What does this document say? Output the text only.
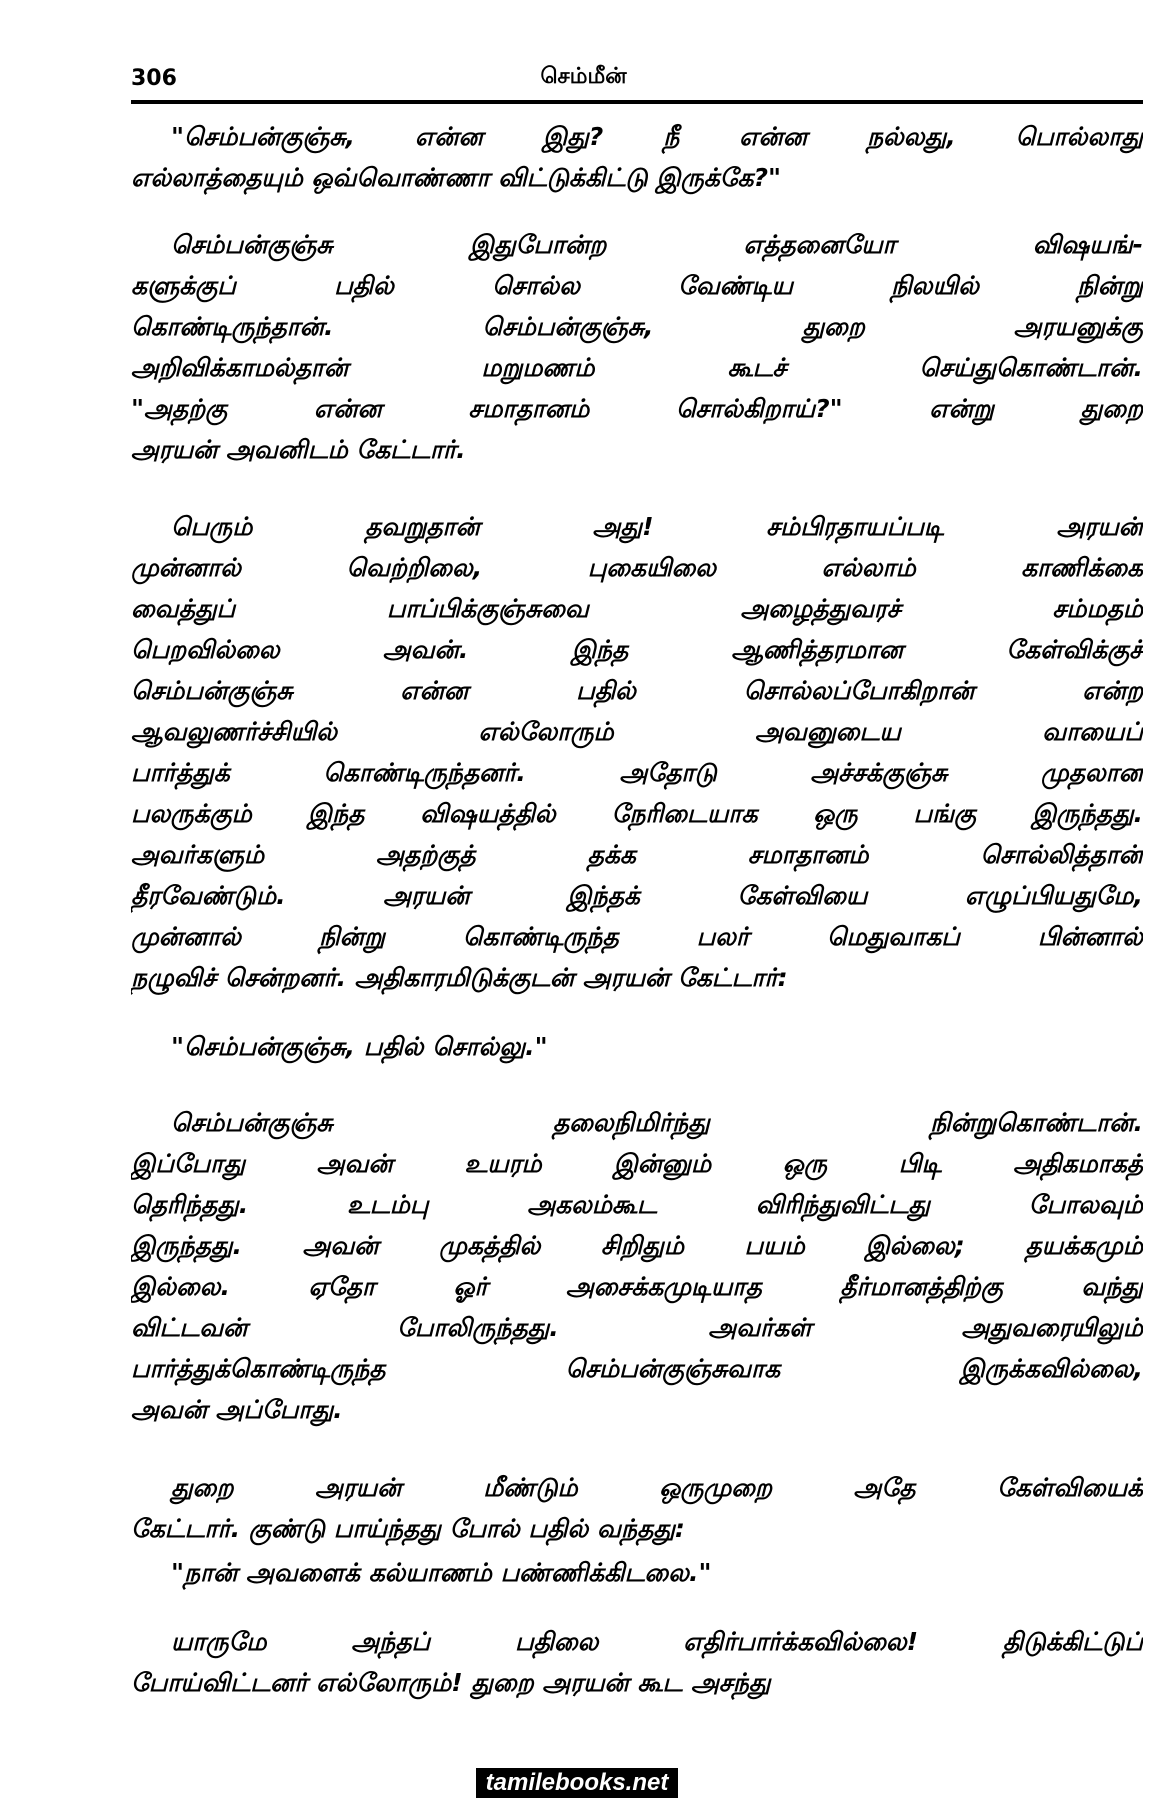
306	செம்மீன்
"செம்பன்குஞ்சு, என்ன இது? நீ என்ன நல்லது, பொல்லாது
எல்லாத்தையும் ஒவ்வொண்ணா விட்டுக்கிட்டு இருக்கே?"
செம்பன்குஞ்சு இதுபோன்ற எத்தனையோ விஷயங்-
களுக்குப் பதில் சொல்ல வேண்டிய நிலயில் நின்று
கொண்டிருந்தான். செம்பன்குஞ்சு, துறை அரயனுக்கு
அறிவிக்காமல்தான் மறுமணம் கூடச் செய்துகொண்டான்.
"அதற்கு என்ன சமாதானம் சொல்கிறாய்?" என்று துறை
அரயன் அவனிடம் கேட்டார்.
பெரும் தவறுதான் அது! சம்பிரதாயப்படி அரயன்
முன்னால் வெற்றிலை, புகையிலை எல்லாம் காணிக்கை
வைத்துப் பாப்பிக்குஞ்சுவை அழைத்துவரச் சம்மதம்
பெறவில்லை அவன். இந்த ஆணித்தரமான கேள்விக்குச்
செம்பன்குஞ்சு என்ன பதில் சொல்லப்போகிறான் என்ற
ஆவலுணர்ச்சியில் எல்லோரும் அவனுடைய வாயைப்
பார்த்துக் கொண்டிருந்தனர். அதோடு அச்சக்குஞ்சு முதலான
பலருக்கும் இந்த விஷயத்தில் நேரிடையாக ஒரு பங்கு இருந்தது.
அவர்களும் அதற்குத் தக்க சமாதானம் சொல்லித்தான்
தீரவேண்டும். அரயன் இந்தக் கேள்வியை எழுப்பியதுமே,
முன்னால் நின்று கொண்டிருந்த பலர் மெதுவாகப் பின்னால்
நழுவிச் சென்றனர். அதிகாரமிடுக்குடன் அரயன் கேட்டார்:
"செம்பன்குஞ்சு, பதில் சொல்லு."
செம்பன்குஞ்சு தலைநிமிர்ந்து நின்றுகொண்டான்.
இப்போது அவன் உயரம் இன்னும் ஒரு பிடி அதிகமாகத்
தெரிந்தது. உடம்பு அகலம்கூட விரிந்துவிட்டது போலவும்
இருந்தது. அவன் முகத்தில் சிறிதும் பயம் இல்லை; தயக்கமும்
இல்லை. ஏதோ ஓர் அசைக்கமுடியாத தீர்மானத்திற்கு வந்து
விட்டவன் போலிருந்தது. அவர்கள் அதுவரையிலும்
பார்த்துக்கொண்டிருந்த செம்பன்குஞ்சுவாக இருக்கவில்லை,
அவன் அப்போது.
துறை அரயன் மீண்டும் ஒருமுறை அதே கேள்வியைக்
கேட்டார். குண்டு பாய்ந்தது போல் பதில் வந்தது:
"நான் அவளைக் கல்யாணம் பண்ணிக்கிடலை."
யாருமே அந்தப் பதிலை எதிர்பார்க்கவில்லை! திடுக்கிட்டுப்
போய்விட்டனர் எல்லோரும்! துறை அரயன் கூட அசந்து
tamilebooks.net
